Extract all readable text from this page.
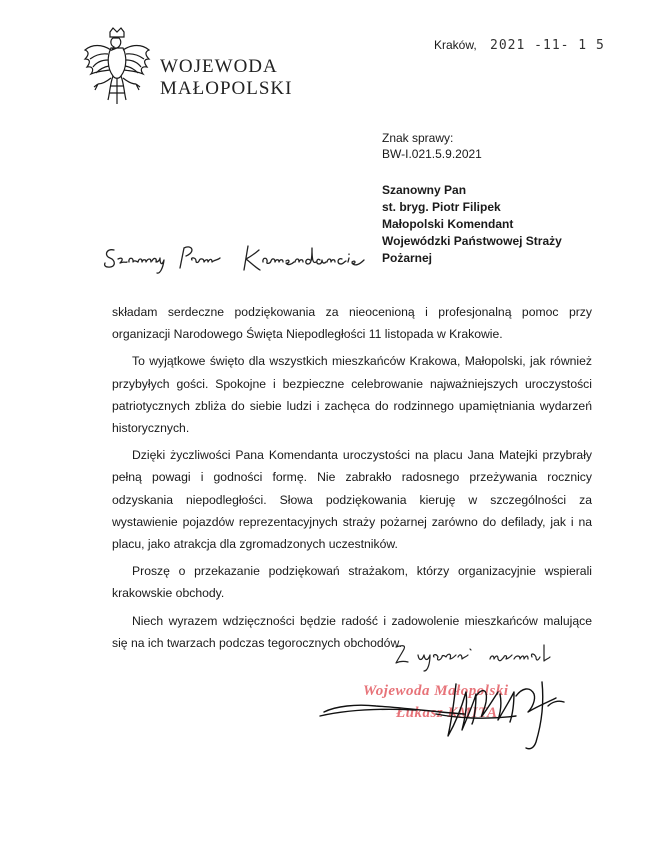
WOJEWODA
MAŁOPOLSKI
Kraków, 2021 -11- 1 5
Znak sprawy:
BW-I.021.5.9.2021
Szanowny Pan
st. bryg. Piotr Filipek
Małopolski Komendant
Wojewódzki Państwowej Straży
Pożarnej

składam serdeczne podziękowania za nieocenioną i profesjonalną pomoc przy organizacji Narodowego Święta Niepodległości 11 listopada w Krakowie.

To wyjątkowe święto dla wszystkich mieszkańców Krakowa, Małopolski, jak również przybyłych gości. Spokojne i bezpieczne celebrowanie najważniejszych uroczystości patriotycznych zbliża do siebie ludzi i zachęca do rodzinnego upamiętniania wydarzeń historycznych.

Dzięki życzliwości Pana Komendanta uroczystości na placu Jana Matejki przybrały pełną powagi i godności formę. Nie zabrakło radosnego przeżywania rocznicy odzyskania niepodległości. Słowa podziękowania kieruję w szczególności za wystawienie pojazdów reprezentacyjnych straży pożarnej zarówno do defilady, jak i na placu, jako atrakcja dla zgromadzonych uczestników.

Proszę o przekazanie podziękowań strażakom, którzy organizacyjnie wspierali krakowskie obchody.

Niech wyrazem wdzięczności będzie radość i zadowolenie mieszkańców malujące się na ich twarzach podczas tegorocznych obchodów.

Wojewoda Małopolski
Łukasz KMITA
